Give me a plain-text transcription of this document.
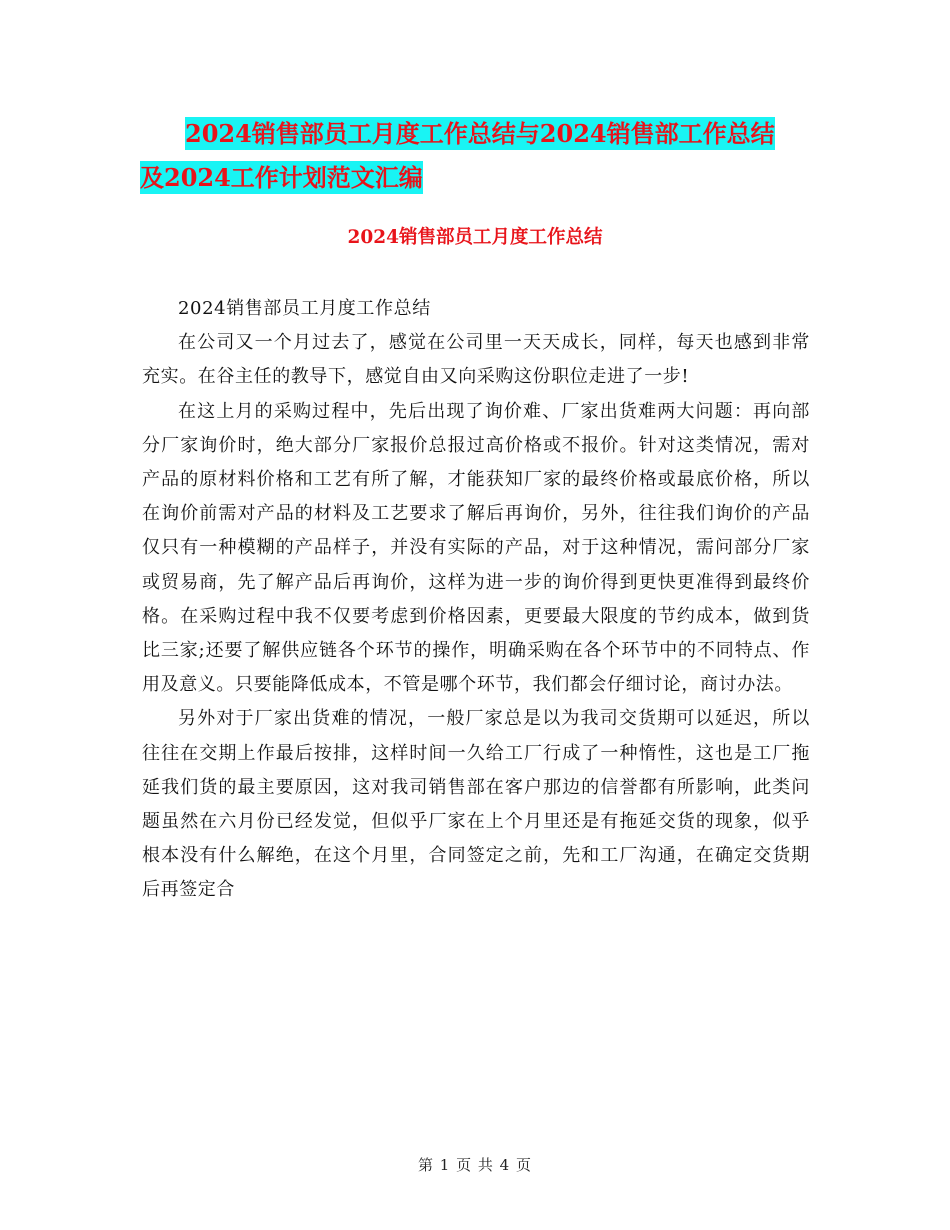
2024销售部员工月度工作总结与2024销售部工作总结
及2024工作计划范文汇编
2024销售部员工月度工作总结

2024销售部员工月度工作总结

在公司又一个月过去了，感觉在公司里一天天成长，同样，每天也感到非常充实。在谷主任的教导下，感觉自由又向采购这份职位走进了一步!

在这上月的采购过程中，先后出现了询价难、厂家出货难两大问题：再向部分厂家询价时，绝大部分厂家报价总报过高价格或不报价。针对这类情况，需对产品的原材料价格和工艺有所了解，才能获知厂家的最终价格或最底价格，所以在询价前需对产品的材料及工艺要求了解后再询价，另外，往往我们询价的产品仅只有一种模糊的产品样子，并没有实际的产品，对于这种情况，需问部分厂家或贸易商，先了解产品后再询价，这样为进一步的询价得到更快更准得到最终价格。在采购过程中我不仅要考虑到价格因素，更要最大限度的节约成本，做到货比三家;还要了解供应链各个环节的操作，明确采购在各个环节中的不同特点、作用及意义。只要能降低成本，不管是哪个环节，我们都会仔细讨论，商讨办法。

另外对于厂家出货难的情况，一般厂家总是以为我司交货期可以延迟，所以往往在交期上作最后按排，这样时间一久给工厂行成了一种惰性，这也是工厂拖延我们货的最主要原因，这对我司销售部在客户那边的信誉都有所影响，此类问题虽然在六月份已经发觉，但似乎厂家在上个月里还是有拖延交货的现象，似乎根本没有什么解绝，在这个月里，合同签定之前，先和工厂沟通，在确定交货期后再签定合

第 1 页 共 4 页
